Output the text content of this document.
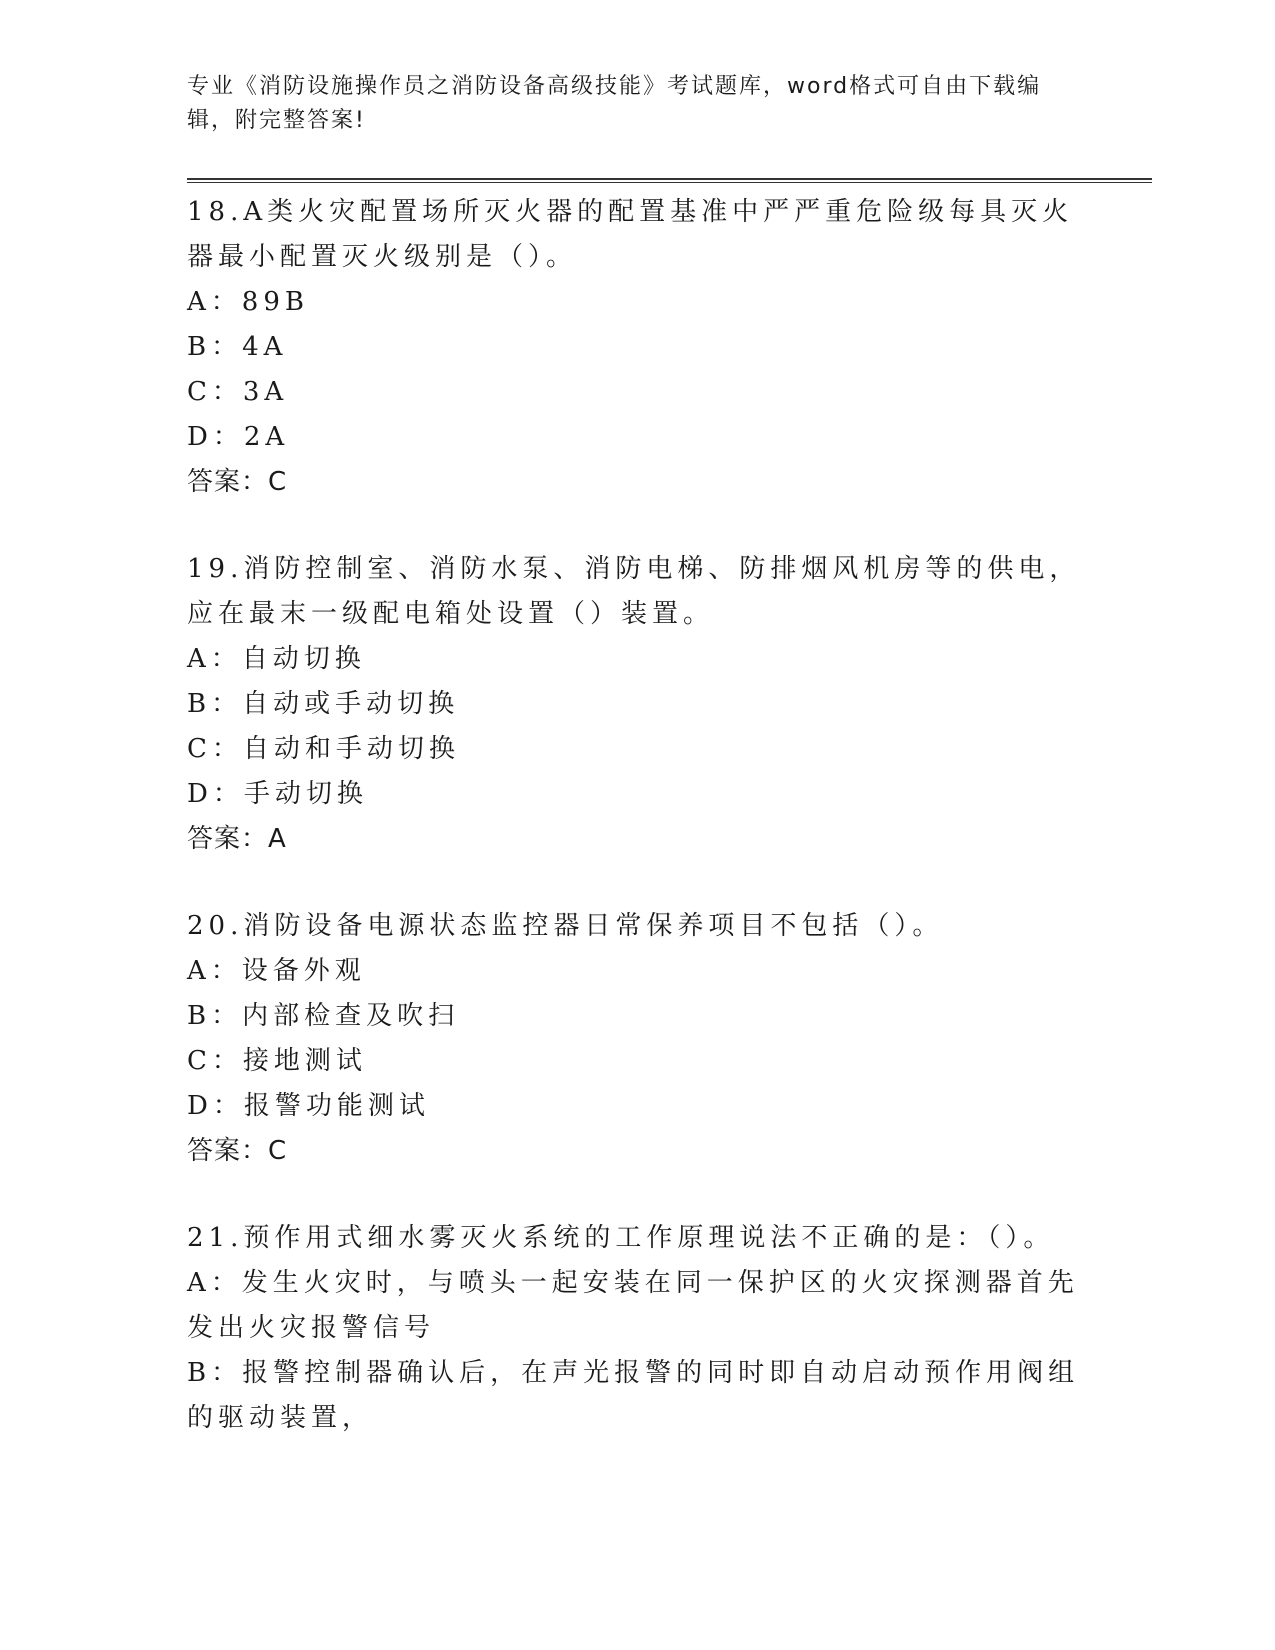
专业《消防设施操作员之消防设备高级技能》考试题库，word格式可自由下载编辑，附完整答案!
18.A类火灾配置场所灭火器的配置基准中严严重危险级每具灭火器最小配置灭火级别是（）。
A：89B
B：4A
C：3A
D：2A
答案：C
19.消防控制室、消防水泵、消防电梯、防排烟风机房等的供电，应在最末一级配电箱处设置（）装置。
A：自动切换
B：自动或手动切换
C：自动和手动切换
D：手动切换
答案：A
20.消防设备电源状态监控器日常保养项目不包括（）。
A：设备外观
B：内部检查及吹扫
C：接地测试
D：报警功能测试
答案：C
21.预作用式细水雾灭火系统的工作原理说法不正确的是：（）。
A：发生火灾时，与喷头一起安装在同一保护区的火灾探测器首先发出火灾报警信号
B：报警控制器确认后，在声光报警的同时即自动启动预作用阀组的驱动装置，
